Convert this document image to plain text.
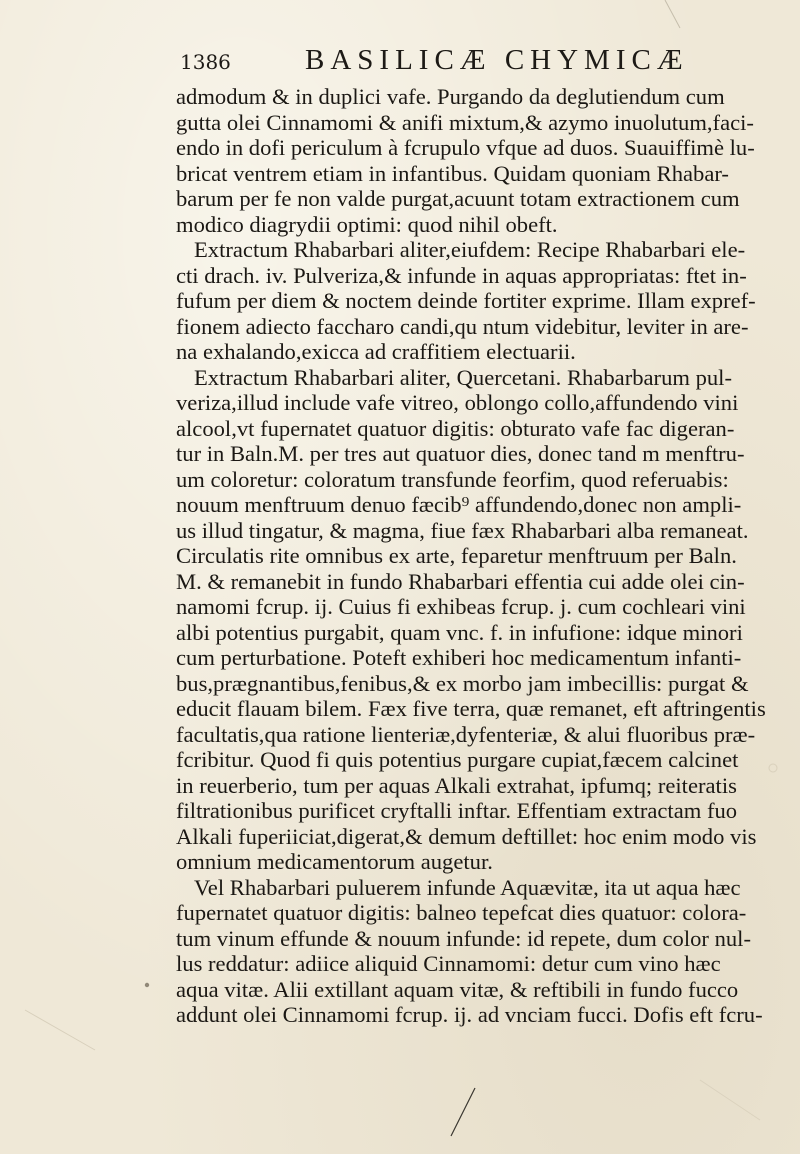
1386	BASILICÆ CHYMICÆ
admodum & in duplici vafe. Purgando da deglutiendum cum
gutta olei Cinnamomi & anifi mixtum,& azymo inuolutum,faci-
endo in dofi periculum à fcrupulo vfque ad duos. Suauiffimè lu-
bricat ventrem etiam in infantibus. Quidam quoniam Rhabar-
barum per fe non valde purgat,acuunt totam extractionem cum
modico diagrydii optimi: quod nihil obeft.
Extractum Rhabarbari aliter,eiufdem: Recipe Rhabarbari ele-
cti drach. iv. Pulveriza,& infunde in aquas appropriatas: ftet in-
fufum per diem & noctem deinde fortiter exprime. Illam expref-
fionem adiecto faccharo candi,qu ntum videbitur, leviter in are-
na exhalando,exicca ad craffitiem electuarii.
Extractum Rhabarbari aliter, Quercetani. Rhabarbarum pul-
veriza,illud include vafe vitreo, oblongo collo,affundendo vini
alcool,vt fupernatet quatuor digitis: obturato vafe fac digeran-
tur in Baln.M. per tres aut quatuor dies, donec tand m menftru-
um coloretur: coloratum transfunde feorfim, quod referuabis:
nouum menftruum denuo fæcib⁹ affundendo,donec non ampli-
us illud tingatur, & magma, fiue fæx Rhabarbari alba remaneat.
Circulatis rite omnibus ex arte, feparetur menftruum per Baln.
M. & remanebit in fundo Rhabarbari effentia cui adde olei cin-
namomi fcrup. ij. Cuius fi exhibeas fcrup. j. cum cochleari vini
albi potentius purgabit, quam vnc. f. in infufione: idque minori
cum perturbatione. Poteft exhiberi hoc medicamentum infanti-
bus,prægnantibus,fenibus,& ex morbo jam imbecillis: purgat &
educit flauam bilem. Fæx five terra, quæ remanet, eft aftringentis
facultatis,qua ratione lienteriæ,dyfenteriæ, & alui fluoribus præ-
fcribitur. Quod fi quis potentius purgare cupiat,fæcem calcinet
in reuerberio, tum per aquas Alkali extrahat, ipfumq; reiteratis
filtrationibus purificet cryftalli inftar. Effentiam extractam fuo
Alkali fuperiiciat,digerat,& demum deftillet: hoc enim modo vis
omnium medicamentorum augetur.
Vel Rhabarbari puluerem infunde Aquævitæ, ita ut aqua hæc
fupernatet quatuor digitis: balneo tepefcat dies quatuor: colora-
tum vinum effunde & nouum infunde: id repete, dum color nul-
lus reddatur: adiice aliquid Cinnamomi: detur cum vino hæc
aqua vitæ. Alii extillant aquam vitæ, & reftibili in fundo fucco
addunt olei Cinnamomi fcrup. ij. ad vnciam fucci. Dofis eft fcru-
